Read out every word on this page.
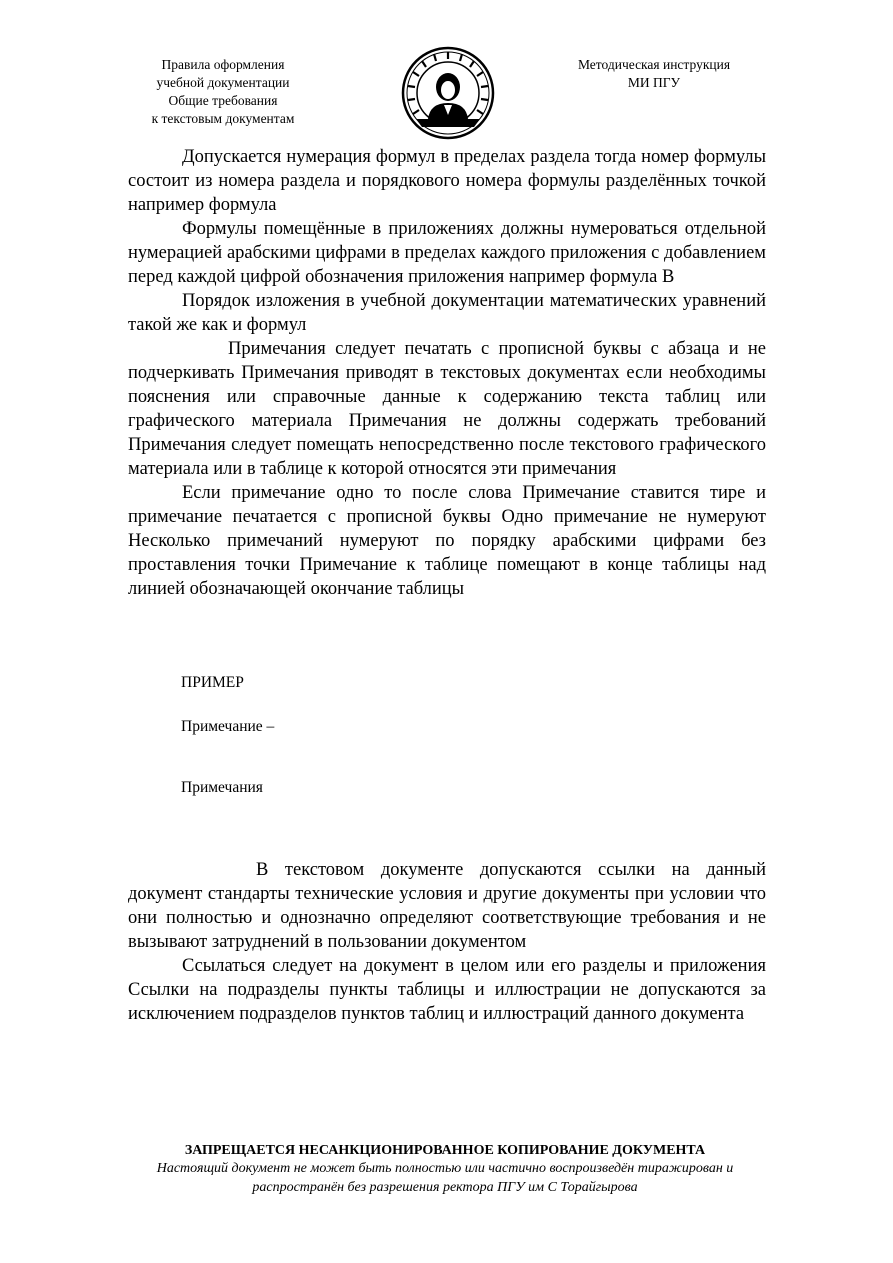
Правила оформления
учебной документации
Общие требования
к текстовым документам
Методическая инструкция
МИ ПГУ

Допускается нумерация формул в пределах раздела тогда номер формулы состоит из номера раздела и порядкового номера формулы разделённых точкой например формула

Формулы помещённые в приложениях должны нумероваться отдельной нумерацией арабскими цифрами в пределах каждого приложения с добавлением перед каждой цифрой обозначения приложения например формула В

Порядок изложения в учебной документации математических уравнений такой же как и формул

Примечания следует печатать с прописной буквы с абзаца и не подчеркивать Примечания приводят в текстовых документах если необходимы пояснения или справочные данные к содержанию текста таблиц или графического материала Примечания не должны содержать требований Примечания следует помещать непосредственно после текстового графического материала или в таблице к которой относятся эти примечания

Если примечание одно то после слова Примечание ставится тире и примечание печатается с прописной буквы Одно примечание не нумеруют Несколько примечаний нумеруют по порядку арабскими цифрами без проставления точки Примечание к таблице помещают в конце таблицы над линией обозначающей окончание таблицы

ПРИМЕР
Примечание –
Примечания

В текстовом документе допускаются ссылки на данный документ стандарты технические условия и другие документы при условии что они полностью и однозначно определяют соответствующие требования и не вызывают затруднений в пользовании документом

Ссылаться следует на документ в целом или его разделы и приложения Ссылки на подразделы пункты таблицы и иллюстрации не допускаются за исключением подразделов пунктов таблиц и иллюстраций данного документа

ЗАПРЕЩАЕТСЯ НЕСАНКЦИОНИРОВАННОЕ КОПИРОВАНИЕ ДОКУМЕНТА
Настоящий документ не может быть полностью или частично воспроизведён тиражирован и
распространён без разрешения ректора ПГУ им С Торайгырова
